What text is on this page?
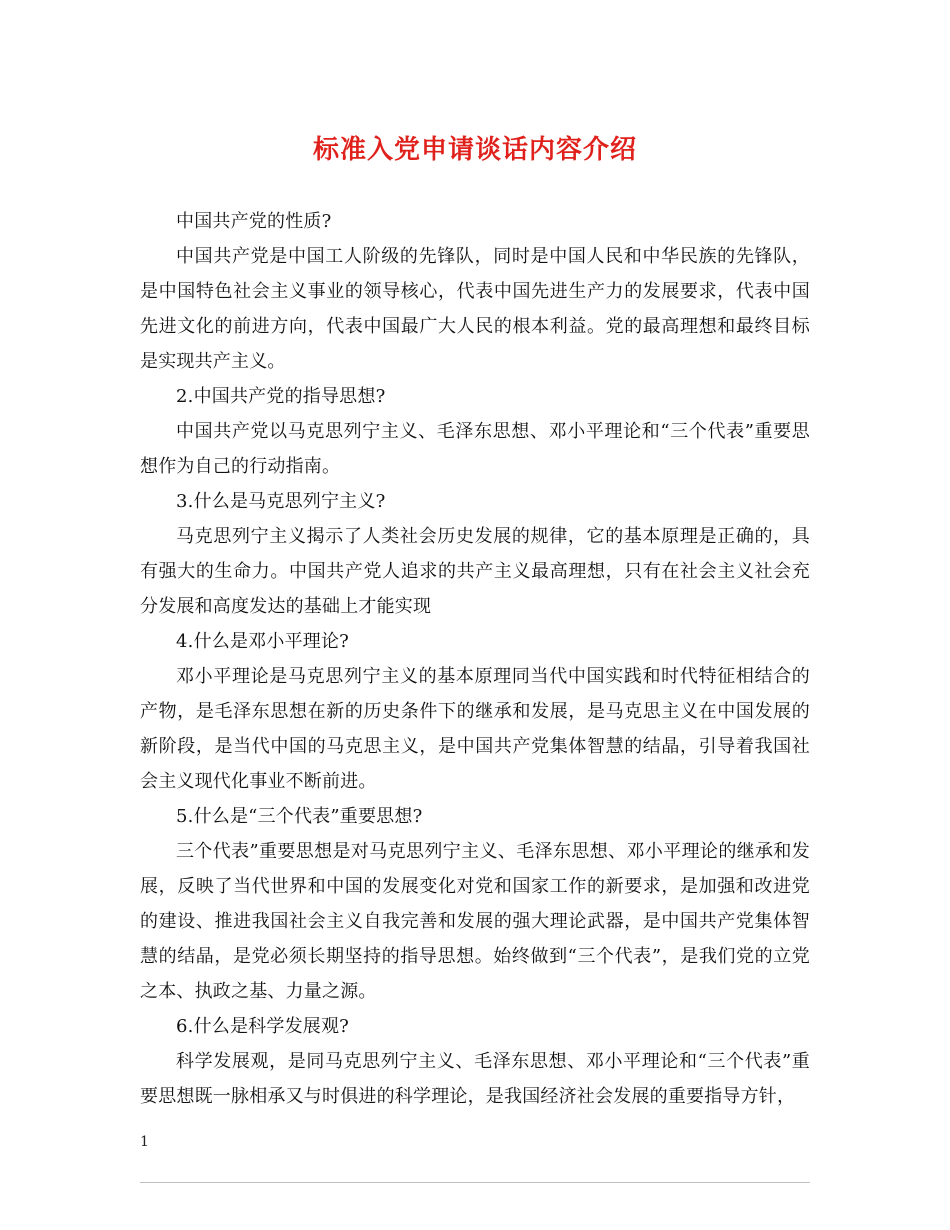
标准入党申请谈话内容介绍

中国共产党的性质?

中国共产党是中国工人阶级的先锋队，同时是中国人民和中华民族的先锋队，是中国特色社会主义事业的领导核心，代表中国先进生产力的发展要求，代表中国先进文化的前进方向，代表中国最广大人民的根本利益。党的最高理想和最终目标是实现共产主义。

2.中国共产党的指导思想?

中国共产党以马克思列宁主义、毛泽东思想、邓小平理论和“三个代表”重要思想作为自己的行动指南。

3.什么是马克思列宁主义?

马克思列宁主义揭示了人类社会历史发展的规律，它的基本原理是正确的，具有强大的生命力。中国共产党人追求的共产主义最高理想，只有在社会主义社会充分发展和高度发达的基础上才能实现

4.什么是邓小平理论?

邓小平理论是马克思列宁主义的基本原理同当代中国实践和时代特征相结合的产物，是毛泽东思想在新的历史条件下的继承和发展，是马克思主义在中国发展的新阶段，是当代中国的马克思主义，是中国共产党集体智慧的结晶，引导着我国社会主义现代化事业不断前进。

5.什么是“三个代表”重要思想?

三个代表”重要思想是对马克思列宁主义、毛泽东思想、邓小平理论的继承和发展，反映了当代世界和中国的发展变化对党和国家工作的新要求，是加强和改进党的建设、推进我国社会主义自我完善和发展的强大理论武器，是中国共产党集体智慧的结晶，是党必须长期坚持的指导思想。始终做到“三个代表”，是我们党的立党之本、执政之基、力量之源。

6.什么是科学发展观?

科学发展观，是同马克思列宁主义、毛泽东思想、邓小平理论和“三个代表”重要思想既一脉相承又与时俱进的科学理论，是我国经济社会发展的重要指导方针，

1
